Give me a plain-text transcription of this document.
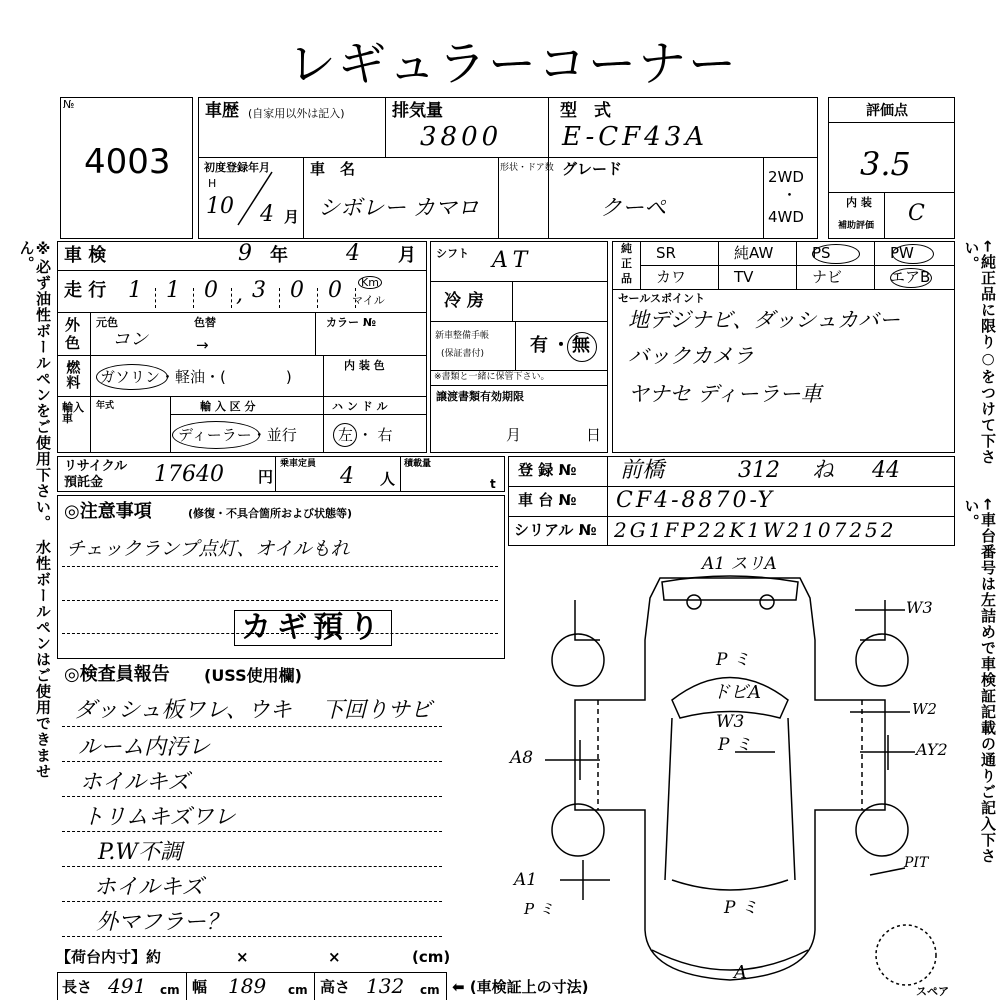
レギュラーコーナー
※必ず油性ボールペンをご使用下さい。　水性ボールペンはご使用できません。	←純正品に限り○をつけて下さい。
←車台番号は左詰めで車検証記載の通りご記入下さい。
№
4003
車歴 (自家用以外は記入)	排気量
3800
型　式
E-CF43A
初度登録年月
H
10 4 月
車　名
シボレー カマロ
形状・ドア数 グレード
クーペ
2WD
・
4WD
評価点
3.5
内 装
補助評価 C
車 検	9 年	4 月
走 行 1 1 0 3 0 0
,	Km
マイル
外
色
元色	色替	カラー №
コン	→
燃料 ガソリン・軽油・(　　　　)
内 装 色
輸入車
年式	輸 入 区 分	ハ ン ド ル
ディーラー・並行	左 ・ 右
シフト AT
冷 房
新車整備手帳
(保証書付)	有 ・ 無
※書類と一緒に保管下さい。
譲渡書類有効期限
月	日
純
正
品
SR	純AW	PS	PW
カワ	TV	ナビ	エアB
セールスポイント
地デジナビ、ダッシュカバー
バックカメラ
ヤナセ ディーラー車
リサイクル
預託金 17640 円
乗車定員 4 人
積載量
t
登 録 № 前橋	312 ね 44
車 台 № CF4-8870-Y
シリアル № 2G1FP22K1W2107252
◎注意事項	(修復・不具合箇所および状態等)
チェックランプ点灯、オイルもれ
カギ預り
◎検査員報告 (USS使用欄)
ダッシュ板ワレ、ウキ 下回りサビ
ルーム内汚レ
ホイルキズ
トリムキズワレ
P.W不調
ホイルキズ
外マフラー？
【荷台内寸】約	×	×	(cm)
長さ 491 cm 幅 189 cm 高さ 132 cm ⬅ (車検証上の寸法)
A1 スリA
W3
P ミ
ドビA
W3
P ミ
W2
A8	AY2
PIT
A1
P ミ	P ミ
A
スペア
